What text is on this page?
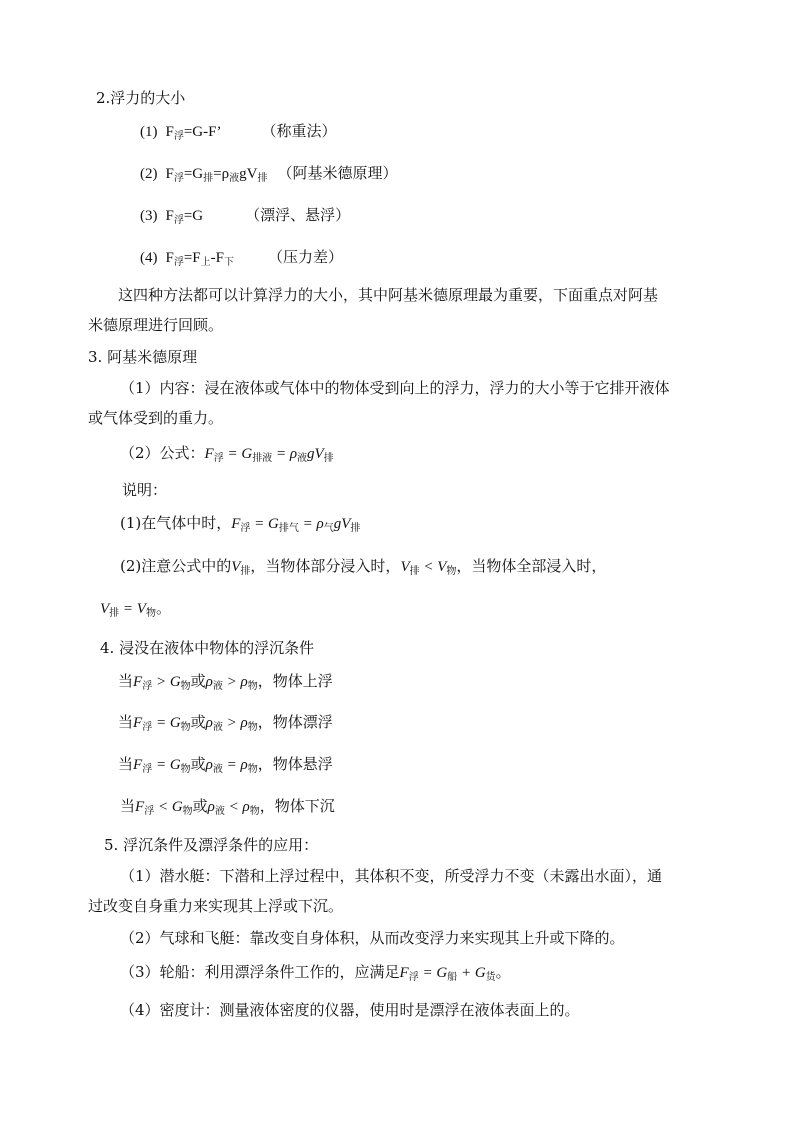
2.浮力的大小
(1) $F_浮=G-F$’	（称重法）
(2) $F_浮=G_排=\rho_液gV_排$ （阿基米德原理）
(3) $F_浮=G$	（漂浮、悬浮）
(4) $F_浮=F_上-F_下$ （压力差）
这四种方法都可以计算浮力的大小，其中阿基米德原理最为重要，下面重点对阿基
米德原理进行回顾。
3. 阿基米德原理
（1）内容：浸在液体或气体中的物体受到向上的浮力，浮力的大小等于它排开液体
或气体受到的重力。
（2）公式：$F_浮 = G_{排液} = \rho_液gV_排$
说明：
(1)在气体中时，$F_浮 = G_{排气} = \rho_气gV_排$
(2)注意公式中的$V_排$，当物体部分浸入时，$V_排 < V_物$，当物体全部浸入时，
$V_排 = V_物$。
4. 浸没在液体中物体的浮沉条件
当$F_浮 > G_物$或$\rho_液 > \rho_物$，物体上浮
当$F_浮 = G_物$或$\rho_液 > \rho_物$，物体漂浮
当$F_浮 = G_物$或$\rho_液 = \rho_物$，物体悬浮
当$F_浮 < G_物$或$\rho_液 < \rho_物$，物体下沉
5. 浮沉条件及漂浮条件的应用：
（1）潜水艇：下潜和上浮过程中，其体积不变，所受浮力不变（未露出水面），通
过改变自身重力来实现其上浮或下沉。
（2）气球和飞艇：靠改变自身体积，从而改变浮力来实现其上升或下降的。
（3）轮船：利用漂浮条件工作的，应满足$F_浮 = G_船 + G_货$。
（4）密度计：测量液体密度的仪器，使用时是漂浮在液体表面上的。
